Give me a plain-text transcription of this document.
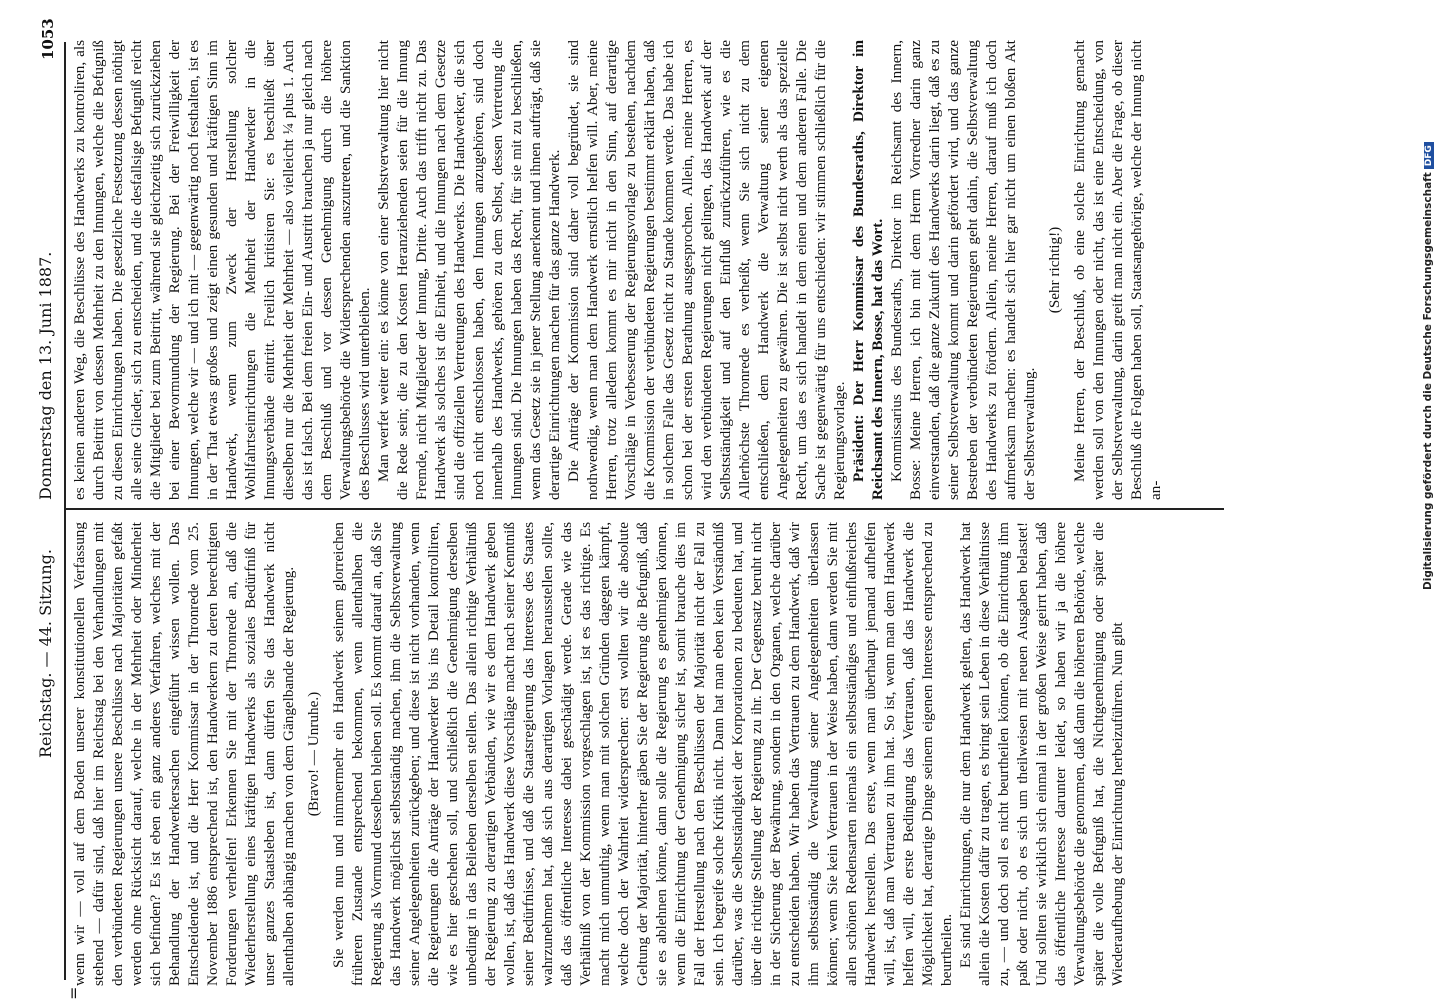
=
Reichstag. — 44. Sitzung.
Donnerstag den 13. Juni 1887.
1053

wenn wir — voll auf dem Boden unserer konstitutionellen Verfassung stehend — dafür sind, daß hier im Reichstag bei den Verhandlungen mit den verbündeten Regierungen unsere Beschlüsse nach Majoritäten gefaßt werden ohne Rücksicht darauf, welche in der Mehrheit oder Minderheit sich befinden? Es ist eben ein ganz anderes Verfahren, welches mit der Behandlung der Handwerkersachen eingeführt wissen wollen. Das Entscheidende ist, und die Herr Kommissar in der Thronrede vom 25. November 1886 entsprechend ist, den Handwerkern zu deren berechtigten Forderungen verhelfen! Erkennen Sie mit der Thronrede an, daß die Wiederherstellung eines kräftigen Handwerks als soziales Bedürfniß für unser ganzes Staatsleben ist, dann dürfen Sie das Handwerk nicht allenthalben abhängig machen von dem Gängelbande der Regierung. (Bravo! — Unruhe.) Sie werden nun und nimmermehr ein Handwerk seinem glorreichen früheren Zustande entsprechend bekommen, wenn allenthalben die Regierung als Vormund desselben bleiben soll. Es kommt darauf an, daß Sie das Handwerk möglichst selbstständig machen, ihm die Selbstverwaltung seiner Angelegenheiten zurückgeben; und diese ist nicht vorhanden, wenn die Regierungen die Anträge der Handwerker bis ins Detail kontrolliren, wie es hier geschehen soll, und schließlich die Genehmigung derselben unbedingt in das Belieben derselben stellen. Das allein richtige Verhältniß der Regierung zu derartigen Verbänden, wie wir es dem Handwerk geben wollen, ist, daß das Handwerk diese Vorschläge macht nach seiner Kenntniß seiner Bedürfnisse, und daß die Staatsregierung das Interesse des Staates wahrzunehmen hat, daß sich aus derartigen Vorlagen herausstellen sollte, daß das öffentliche Interesse dabei geschädigt werde. Gerade wie das Verhältniß von der Kommission vorgeschlagen ist, ist es das richtige. Es macht mich unmuthig, wenn man mit solchen Gründen dagegen kämpft, welche doch der Wahrheit widersprechen: erst wollten wir die absolute Geltung der Majorität, hinterher gäben Sie der Regierung die Befugniß, daß sie es ablehnen könne, dann solle die Regierung es genehmigen können, wenn die Einrichtung der Genehmigung sicher ist, somit brauche dies im Fall der Herstellung nach den Beschlüssen der Majorität nicht der Fall zu sein. Ich begreife solche Kritik nicht. Dann hat man eben kein Verständniß darüber, was die Selbstständigkeit der Korporationen zu bedeuten hat, und über die richtige Stellung der Regierung zu ihr. Der Gegensatz beruht nicht in der Sicherung der Bewährung, sondern in den Organen, welche darüber zu entscheiden haben. Wir haben das Vertrauen zu dem Handwerk, daß wir ihm selbstständig die Verwaltung seiner Angelegenheiten überlassen können; wenn Sie kein Vertrauen in der Weise haben, dann werden Sie mit allen schönen Redensarten niemals ein selbstständiges und einflußreiches Handwerk herstellen. Das erste, wenn man überhaupt jemand aufhelfen will, ist, daß man Vertrauen zu ihm hat. So ist, wenn man dem Handwerk helfen will, die erste Bedingung das Vertrauen, daß das Handwerk die Möglichkeit hat, derartige Dinge seinem eigenen Interesse entsprechend zu beurtheilen. Es sind Einrichtungen, die nur dem Handwerk gelten, das Handwerk hat allein die Kosten dafür zu tragen, es bringt sein Leben in diese Verhältnisse zu, — und doch soll es nicht beurtheilen können, ob die Einrichtung ihm paßt oder nicht, ob es sich um theilweisen mit neuen Ausgaben belastet! Und sollten sie wirklich sich einmal in der großen Weise geirrt haben, daß das öffentliche Interesse darunter leidet, so haben wir ja die höhere Verwaltungsbehörde die genommen, daß dann die höheren Behörde, welche später die volle Befugniß hat, die Nichtgenehmigung oder später die Wiederaufhebung der Einrichtung herbeizuführen. Nun gibt

es keinen anderen Weg, die Beschlüsse des Handwerks zu kontroliren, als durch Beitritt von dessen Mehrheit zu den Innungen, welche die Befugniß zu diesen Einrichtungen haben. Die gesetzliche Festsetzung dessen nöthigt alle seine Glieder, sich zu entscheiden, und die desfallsige Befugniß reicht die Mitglieder bei zum Beitritt, während sie gleichzeitig sich zurückziehen bei einer Bevormundung der Regierung. Bei der Freiwilligkeit der Innungen, welche wir — und ich mit — gegenwärtig noch festhalten, ist es in der That etwas großes und zeigt einen gesunden und kräftigen Sinn im Handwerk, wenn zum Zweck der Herstellung solcher Wohlfahrtseinrichtungen die Mehrheit der Handwerker in die Innungsverbände eintritt. Freilich kritisiren Sie: es beschließt über dieselben nur die Mehrheit der Mehrheit — also vielleicht ¼ plus 1. Auch das ist falsch. Bei dem freien Ein- und Austritt brauchen ja nur gleich nach dem Beschluß und vor dessen Genehmigung durch die höhere Verwaltungsbehörde die Widersprechenden auszutreten, und die Sanktion des Beschlusses wird unterbleiben. Man werfet weiter ein: es könne von einer Selbstverwaltung hier nicht die Rede sein; die zu den Kosten Heranziehenden seien für die Innung Fremde, nicht Mitglieder der Innung, Dritte. Auch das trifft nicht zu. Das Handwerk als solches ist die Einheit, und die Innungen nach dem Gesetze sind die offiziellen Vertretungen des Handwerks. Die Handwerker, die sich noch nicht entschlossen haben, den Innungen anzugehören, sind doch innerhalb des Handwerks, gehören zu dem Selbst, dessen Vertretung die Innungen sind. Die Innungen haben das Recht, für sie mit zu beschließen, wenn das Gesetz sie in jener Stellung anerkennt und ihnen aufträgt, daß sie derartige Einrichtungen machen für das ganze Handwerk. Die Anträge der Kommission sind daher voll begründet, sie sind nothwendig, wenn man dem Handwerk ernstlich helfen will. Aber, meine Herren, trotz alledem kommt es mir nicht in den Sinn, auf derartige Vorschläge in Verbesserung der Regierungsvorlage zu bestehen, nachdem die Kommission der verbündeten Regierungen bestimmt erklärt haben, daß in solchem Falle das Gesetz nicht zu Stande kommen werde. Das habe ich schon bei der ersten Berathung ausgesprochen. Allein, meine Herren, es wird den verbündeten Regierungen nicht gelingen, das Handwerk auf der Selbstständigkeit und auf den Einfluß zurückzuführen, wie es die Allerhöchste Thronrede es verheißt, wenn Sie sich nicht zu dem entschließen, dem Handwerk die Verwaltung seiner eigenen Angelegenheiten zu gewähren. Die ist selbst nicht werth als das spezielle Recht, um das es sich handelt in dem einen und dem anderen Falle. Die Sache ist gegenwärtig für uns entschieden: wir stimmen schließlich für die Regierungsvorlage. Präsident: Der Herr Kommissar des Bundesraths, Direktor im Reichsamt des Innern, Bosse, hat das Wort. Kommissarius des Bundesraths, Direktor im Reichsamt des Innern, Bosse: Meine Herren, ich bin mit dem Herrn Vorredner darin ganz einverstanden, daß die ganze Zukunft des Handwerks darin liegt, daß es zu seiner Selbstverwaltung kommt und darin gefördert wird, und das ganze Bestreben der verbündeten Regierungen geht dahin, die Selbstverwaltung des Handwerks zu fördern. Allein, meine Herren, darauf muß ich doch aufmerksam machen: es handelt sich hier gar nicht um einen bloßen Akt der Selbstverwaltung.

(Sehr richtig!) Meine Herren, der Beschluß, ob eine solche Einrichtung gemacht werden soll von den Innungen oder nicht, das ist eine Entscheidung, von der Selbstverwaltung, darin greift man nicht ein. Aber die Frage, ob dieser Beschluß die Folgen haben soll, Staatsangehörige, welche der Innung nicht an-	Digitalisierung gefördert durch die Deutsche ForschungsgemeinschaftDFG
